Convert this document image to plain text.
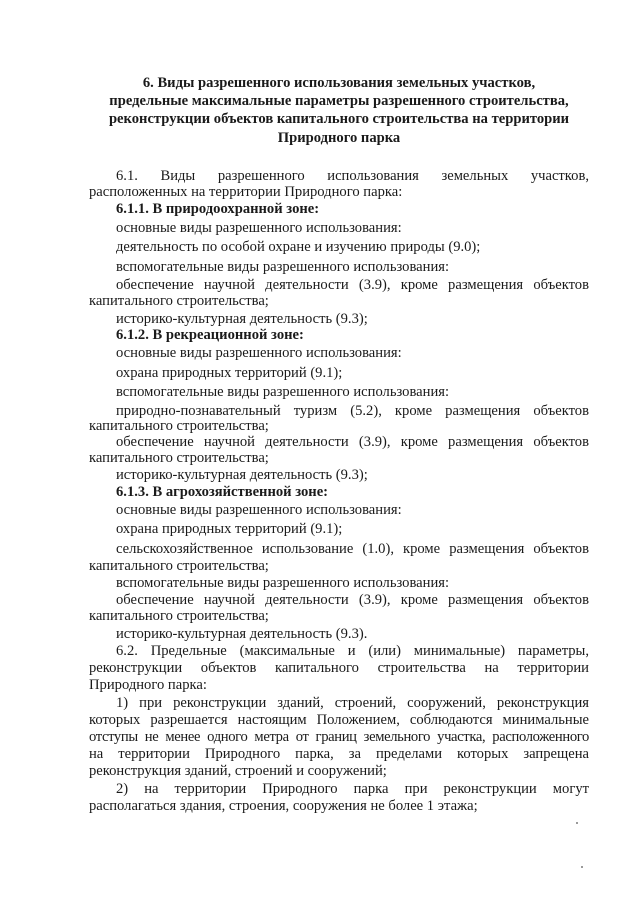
6. Виды разрешенного использования земельных участков,
предельные максимальные параметры разрешенного строительства,
реконструкции объектов капитального строительства на территории
Природного парка
6.1. Виды разрешенного использования земельных участков,
расположенных на территории Природного парка:
6.1.1. В природоохранной зоне:
основные виды разрешенного использования:
деятельность по особой охране и изучению природы (9.0);
вспомогательные виды разрешенного использования:
обеспечение научной деятельности (3.9), кроме размещения объектов
капитального строительства;
историко-культурная деятельность (9.3);
6.1.2. В рекреационной зоне:
основные виды разрешенного использования:
охрана природных территорий (9.1);
вспомогательные виды разрешенного использования:
природно-познавательный туризм (5.2), кроме размещения объектов
капитального строительства;
обеспечение научной деятельности (3.9), кроме размещения объектов
капитального строительства;
историко-культурная деятельность (9.3);
6.1.3. В агрохозяйственной зоне:
основные виды разрешенного использования:
охрана природных территорий (9.1);
сельскохозяйственное использование (1.0), кроме размещения объектов
капитального строительства;
вспомогательные виды разрешенного использования:
обеспечение научной деятельности (3.9), кроме размещения объектов
капитального строительства;
историко-культурная деятельность (9.3).
6.2. Предельные (максимальные и (или) минимальные) параметры,
реконструкции объектов капитального строительства на территории
Природного парка:
1) при реконструкции зданий, строений, сооружений, реконструкция
которых разрешается настоящим Положением, соблюдаются минимальные
отступы не менее одного метра от границ земельного участка, расположенного
на территории Природного парка, за пределами которых запрещена
реконструкция зданий, строений и сооружений;
2) на территории Природного парка при реконструкции могут
располагаться здания, строения, сооружения не более 1 этажа;
